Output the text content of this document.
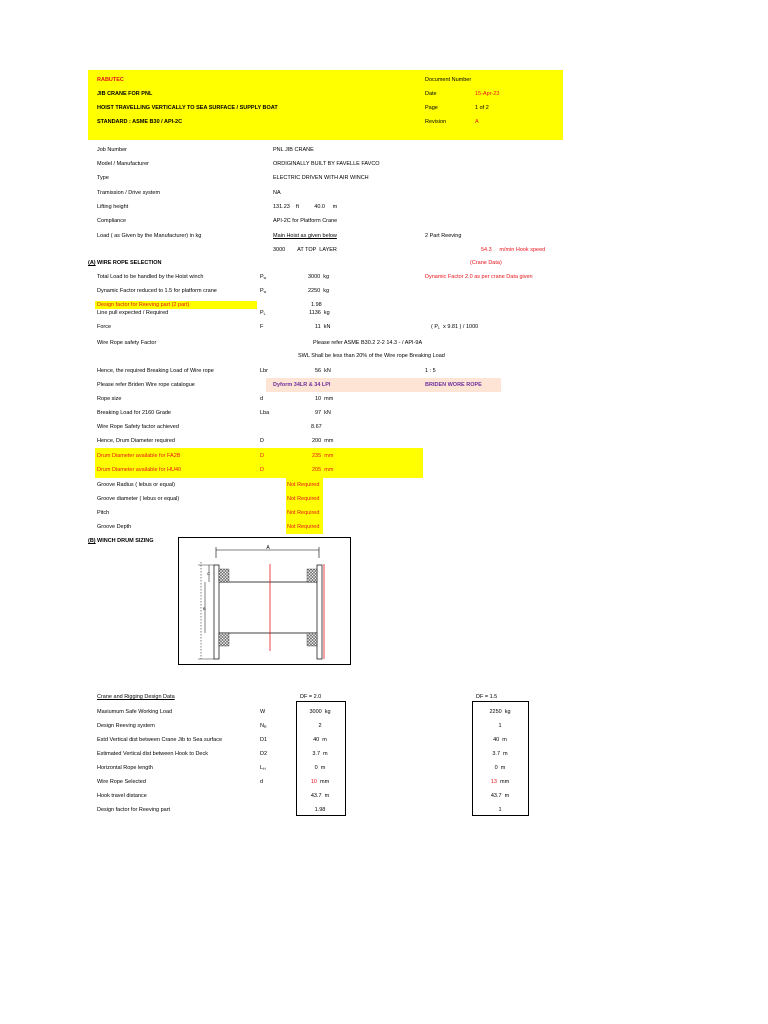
RABUTEC
JIB CRANE FOR PNL
HOIST TRAVELLING VERTICALLY TO SEA SURFACE / SUPPLY BOAT
STANDARD : ASME B30 / API-2C
Document Number
Date	15-Apr-23
Page	1 of 2
Revision	A
Job Number	PNL JIB CRANE
Model / Manufacturer	ORDIGINALLY BUILT BY FAVELLE FAVCO
Type	ELECTRIC DRIVEN WITH AIR WINCH
Tramission / Drive system	NA
Lifting height	131.23    ft          40.0     m
Compliance	API-2C for Platform Crane
Load ( as Given by the Manufacturer) in kg	Main Hoist as given below	2 Part Reeving
3000        AT TOP  LAYER	54.3     m/min Hook speed
(A) WIRE ROPE SELECTION	(Crane Data)
Total Load to be handled by the Hoist winch	$P_w$	3000  kg	Dynamic Factor 2.0 as per crane Data given
Dynamic Factor reduced to 1.5 for platform crane	$P_w$	2250  kg
Design factor for Reeving part (2 part)	1.98
Line pull expected / Required	$P_L$	1136  kg
Force	F	11  kN	( $P_L$  x 9.81 ) / 1000
Wire Rope safety Factor	Please refer ASME B30.2 2-2 14.3 - / API-9A
SWL Shall be less than 20% of the Wire rope Breaking Load
Hence, the required Breaking Load of Wire rope	Lbr	56  kN	1 : 5
Please refer Briden Wire rope catalogue	Dyform 34LR & 34 LPI	BRIDEN WORE ROPE
Rope size	d	10  mm
Breaking Load for 2160 Grade	Lba	97  kN
Wire Rope Safety factor achieved	8.67
Hence, Drum Diameter required	D	200  mm
Drum Diameter available for FA2B	D	235  mm
Drum Diameter available for HU40	D	205  mm
Groove Radius ( lebus or equal)	Not Required
Groove diameter ( lebus or equal)	Not Required
Pitch	Not Required
Groove Depth	Not Required
(B) WINCH DRUM SIZING
A
C
B
Crane and Rigging Design Data	DF = 2.0	DF = 1.5
Maxiumum Safe Working Load	W	3000  kg	2250  kg
Design Reeving system	$N_R$	2	1
Estd Vertical dist between Crane Jib to Sea surface	D1	40  m	40  m
Estimated Vertical dist between Hook to Deck	D2	3.7  m	3.7  m
Horizontal Rope length	$L_H$	0  m	0  m
Wire Rope Selected	d	10  mm	13  mm
Hook travel distance	43.7  m	43.7  m
Design factor for Reeving part	1.98	1
